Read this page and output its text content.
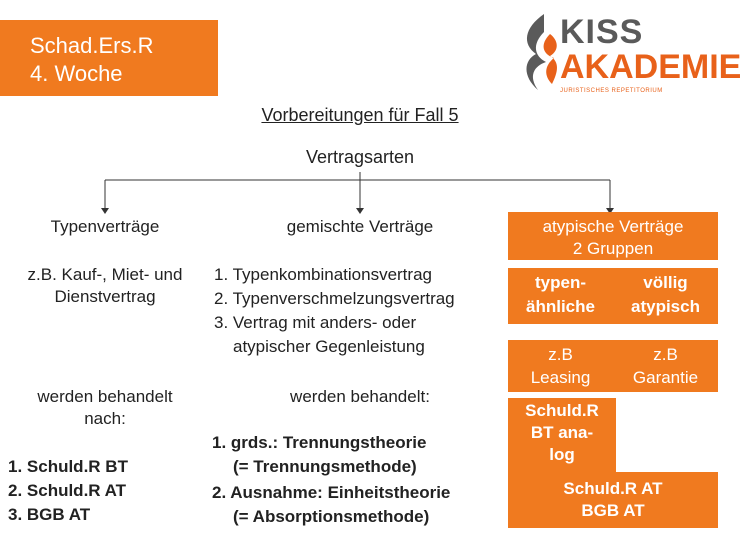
Schad.Ers.R
4. Woche
KISS
AKADEMIE
JURISTISCHES REPETITORIUM
Vorbereitungen für Fall 5
Vertragsarten
Typenverträge
z.B. Kauf-, Miet- und
Dienstvertrag
werden behandelt
nach:
1. Schuld.R BT
2. Schuld.R AT
3. BGB AT
gemischte Verträge
1. Typenkombinationsvertrag
2. Typenverschmelzungsvertrag
3. Vertrag mit anders- oder
atypischer Gegenleistung
werden behandelt:
1. grds.: Trennungstheorie
(= Trennungsmethode)
2. Ausnahme: Einheitstheorie
(= Absorptionsmethode)
atypische Verträge
2 Gruppen
typen-
ähnliche
völlig
atypisch
z.B
Leasing
z.B
Garantie
Schuld.R
BT ana-
log
Schuld.R AT
BGB AT
